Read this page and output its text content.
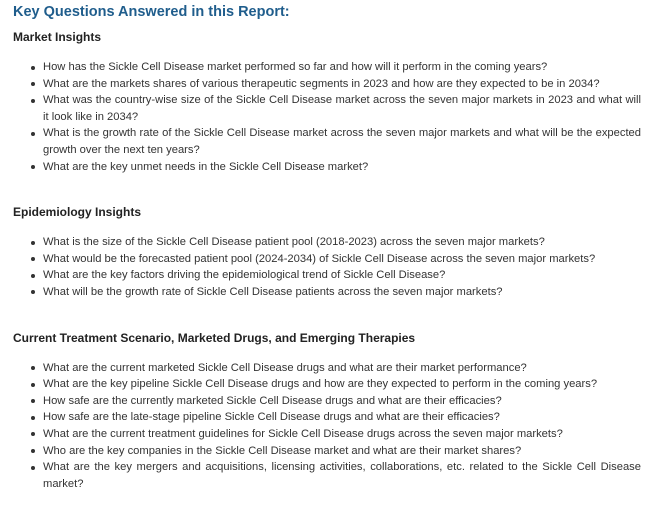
Key Questions Answered in this Report:
Market Insights
How has the Sickle Cell Disease market performed so far and how will it perform in the coming years?
What are the markets shares of various therapeutic segments in 2023 and how are they expected to be in 2034?
What was the country-wise size of the Sickle Cell Disease market across the seven major markets in 2023 and what will it look like in 2034?
What is the growth rate of the Sickle Cell Disease market across the seven major markets and what will be the expected growth over the next ten years?
What are the key unmet needs in the Sickle Cell Disease market?
Epidemiology Insights
What is the size of the Sickle Cell Disease patient pool (2018-2023) across the seven major markets?
What would be the forecasted patient pool (2024-2034) of Sickle Cell Disease across the seven major markets?
What are the key factors driving the epidemiological trend of Sickle Cell Disease?
What will be the growth rate of Sickle Cell Disease patients across the seven major markets?
Current Treatment Scenario, Marketed Drugs, and Emerging Therapies
What are the current marketed Sickle Cell Disease drugs and what are their market performance?
What are the key pipeline Sickle Cell Disease drugs and how are they expected to perform in the coming years?
How safe are the currently marketed Sickle Cell Disease drugs and what are their efficacies?
How safe are the late-stage pipeline Sickle Cell Disease drugs and what are their efficacies?
What are the current treatment guidelines for Sickle Cell Disease drugs across the seven major markets?
Who are the key companies in the Sickle Cell Disease market and what are their market shares?
What are the key mergers and acquisitions, licensing activities, collaborations, etc. related to the Sickle Cell Disease market?
